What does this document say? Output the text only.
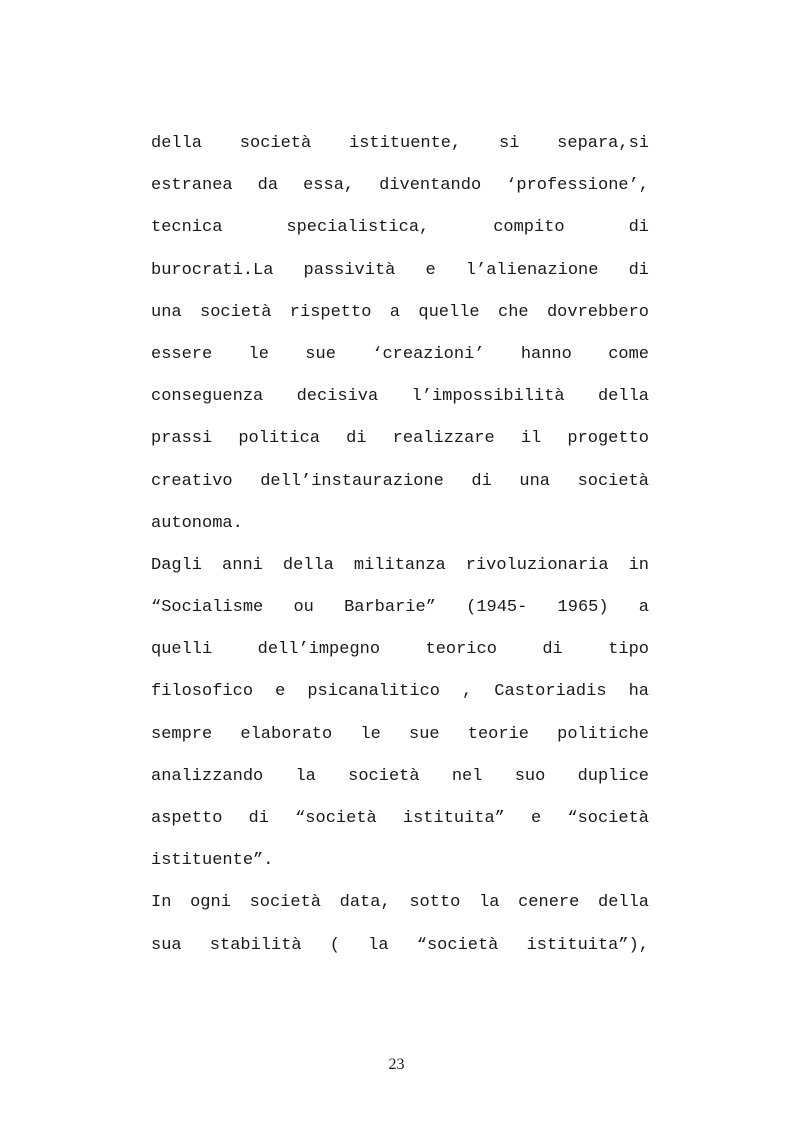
della società istituente, si separa,si
estranea da essa, diventando ‘professione’,
tecnica specialistica, compito di
burocrati.La passività e l’alienazione di
una società rispetto a quelle che dovrebbero
essere le sue ‘creazioni’ hanno come
conseguenza decisiva l’impossibilità della
prassi politica di realizzare il progetto
creativo dell’instaurazione di una società
autonoma.
Dagli anni della militanza rivoluzionaria in
“Socialisme ou Barbarie” (1945- 1965) a
quelli dell’impegno teorico di tipo
filosofico e psicanalitico , Castoriadis ha
sempre elaborato le sue teorie politiche
analizzando la società nel suo duplice
aspetto di “società istituita” e “società
istituente”.
In ogni società data, sotto la cenere della
sua stabilità ( la “società istituita”),
23
